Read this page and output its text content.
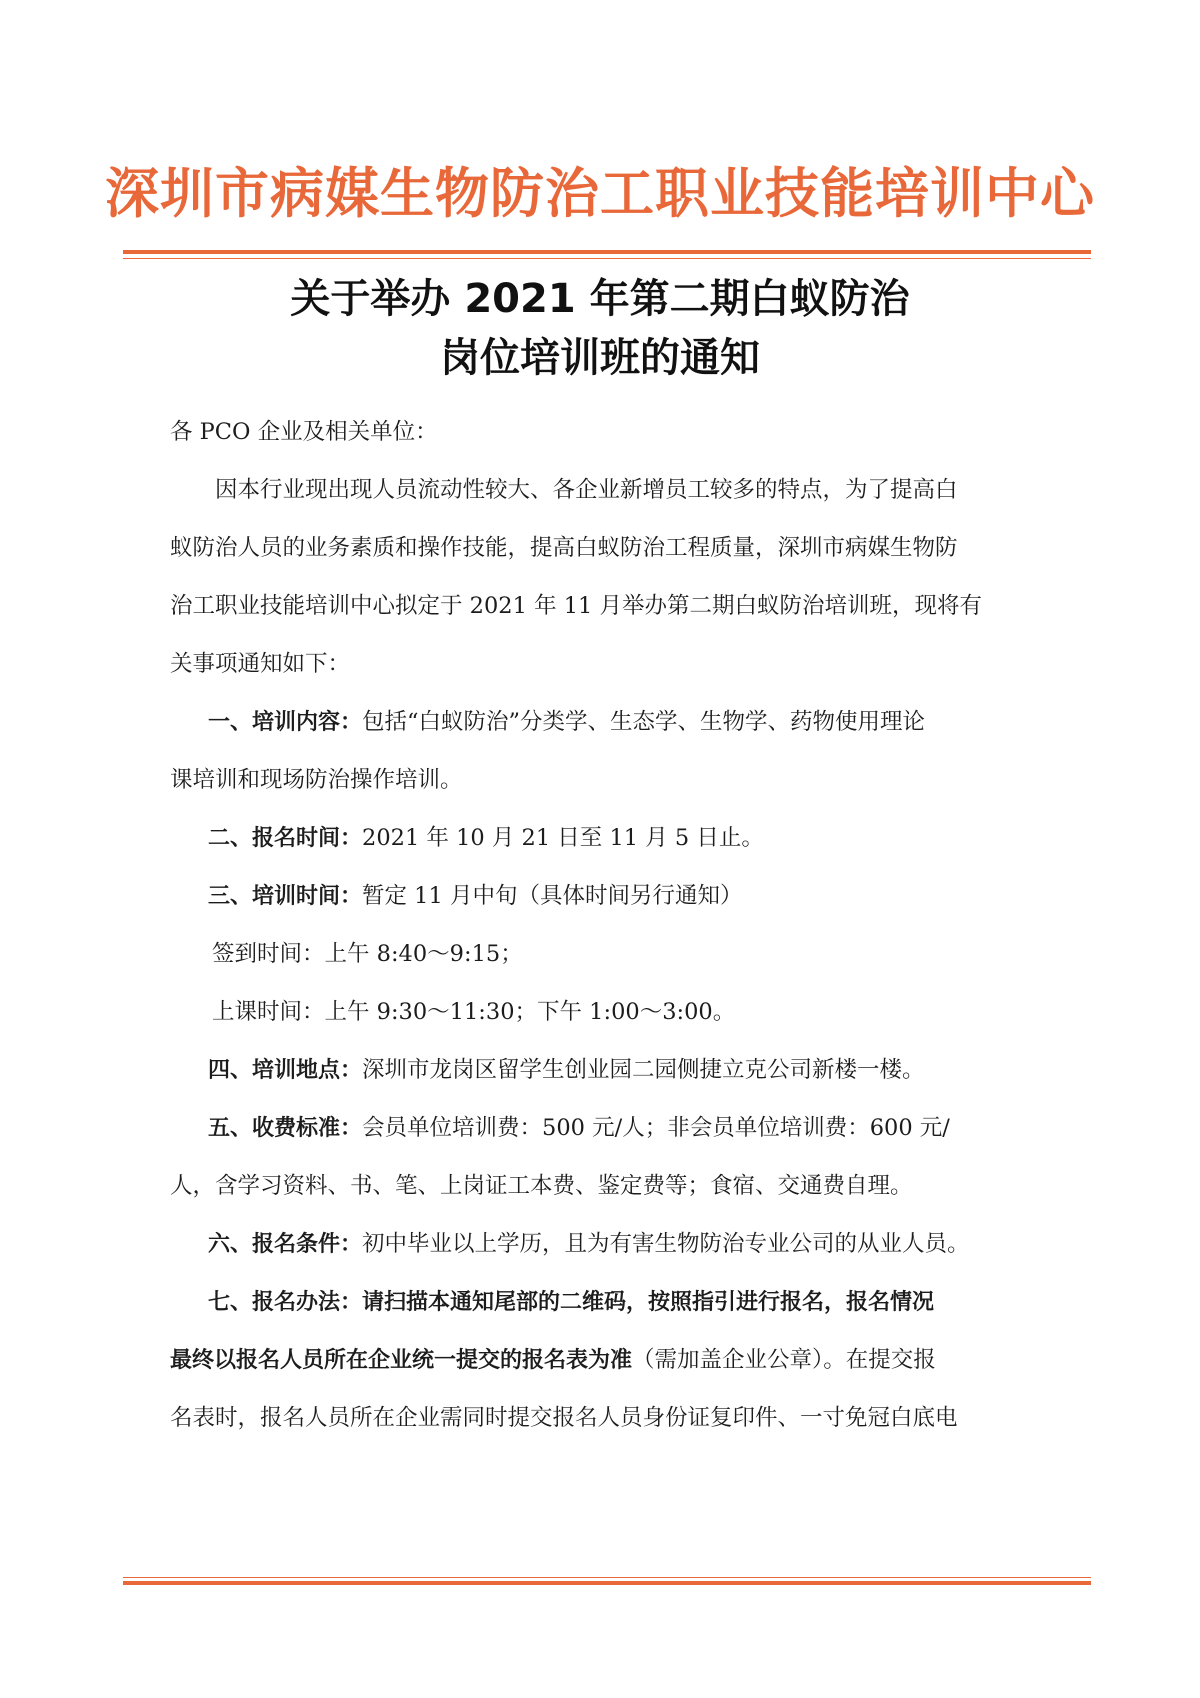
深圳市病媒生物防治工职业技能培训中心
关于举办 2021 年第二期白蚁防治
岗位培训班的通知
各 PCO 企业及相关单位：
因本行业现出现人员流动性较大、各企业新增员工较多的特点，为了提高白
蚁防治人员的业务素质和操作技能，提高白蚁防治工程质量，深圳市病媒生物防
治工职业技能培训中心拟定于 2021 年 11 月举办第二期白蚁防治培训班，现将有
关事项通知如下：
一、培训内容：包括“白蚁防治”分类学、生态学、生物学、药物使用理论
课培训和现场防治操作培训。
二、报名时间：2021 年 10 月 21 日至 11 月 5 日止。
三、培训时间：暂定 11 月中旬（具体时间另行通知）
签到时间：上午 8:40～9:15；
上课时间：上午 9:30～11:30；下午 1:00～3:00。
四、培训地点：深圳市龙岗区留学生创业园二园侧捷立克公司新楼一楼。
五、收费标准：会员单位培训费：500 元/人；非会员单位培训费：600 元/
人，含学习资料、书、笔、上岗证工本费、鉴定费等；食宿、交通费自理。
六、报名条件：初中毕业以上学历，且为有害生物防治专业公司的从业人员。
七、报名办法：请扫描本通知尾部的二维码，按照指引进行报名，报名情况
最终以报名人员所在企业统一提交的报名表为准（需加盖企业公章）。在提交报
名表时，报名人员所在企业需同时提交报名人员身份证复印件、一寸免冠白底电
